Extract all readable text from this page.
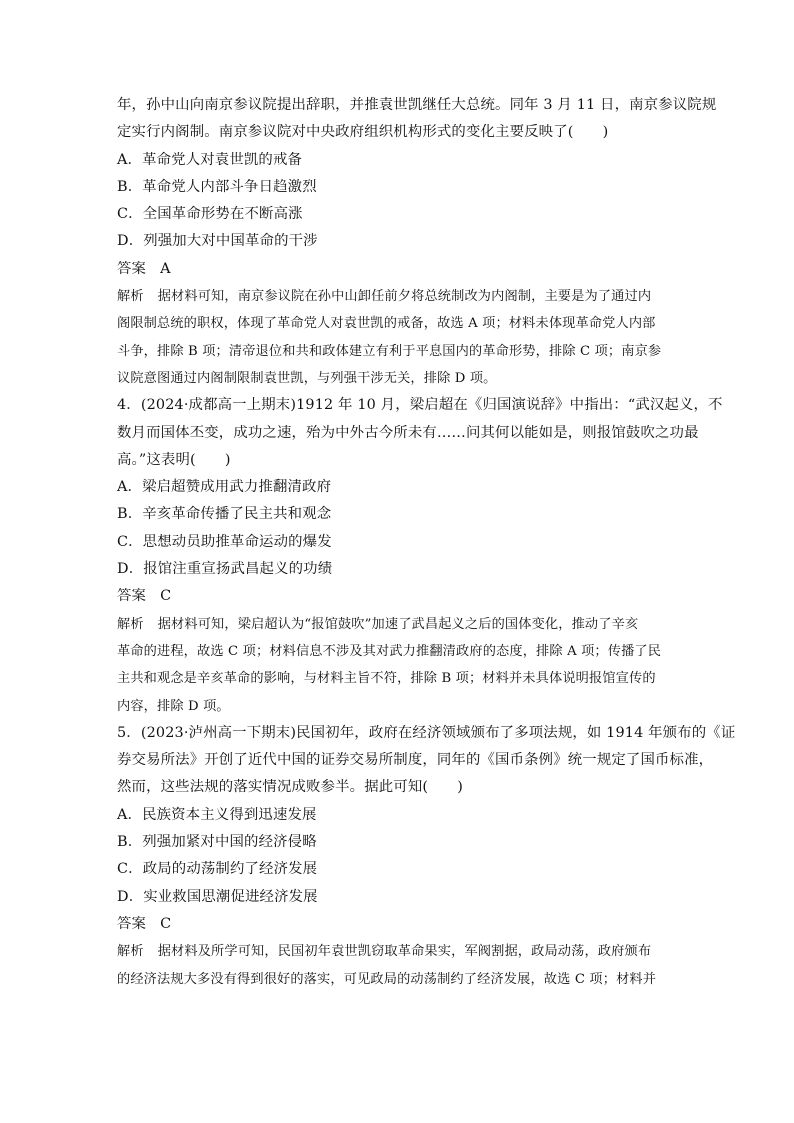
年，孙中山向南京参议院提出辞职，并推袁世凯继任大总统。同年 3 月 11 日，南京参议院规
定实行内阁制。南京参议院对中央政府组织机构形式的变化主要反映了(　　)
A．革命党人对袁世凯的戒备
B．革命党人内部斗争日趋激烈
C．全国革命形势在不断高涨
D．列强加大对中国革命的干涉
答案 A
解析 据材料可知，南京参议院在孙中山卸任前夕将总统制改为内阁制，主要是为了通过内
阁限制总统的职权，体现了革命党人对袁世凯的戒备，故选 A 项；材料未体现革命党人内部
斗争，排除 B 项；清帝退位和共和政体建立有利于平息国内的革命形势，排除 C 项；南京参
议院意图通过内阁制限制袁世凯，与列强干涉无关，排除 D 项。
4．(2024·成都高一上期末)1912 年 10 月，梁启超在《归国演说辞》中指出：“武汉起义，不
数月而国体丕变，成功之速，殆为中外古今所未有……问其何以能如是，则报馆鼓吹之功最
高。”这表明(　　)
A．梁启超赞成用武力推翻清政府
B．辛亥革命传播了民主共和观念
C．思想动员助推革命运动的爆发
D．报馆注重宣扬武昌起义的功绩
答案 C
解析 据材料可知，梁启超认为“报馆鼓吹”加速了武昌起义之后的国体变化，推动了辛亥
革命的进程，故选 C 项；材料信息不涉及其对武力推翻清政府的态度，排除 A 项；传播了民
主共和观念是辛亥革命的影响，与材料主旨不符，排除 B 项；材料并未具体说明报馆宣传的
内容，排除 D 项。
5．(2023·泸州高一下期末)民国初年，政府在经济领域颁布了多项法规，如 1914 年颁布的《证
券交易所法》开创了近代中国的证券交易所制度，同年的《国币条例》统一规定了国币标准，
然而，这些法规的落实情况成败参半。据此可知(　　)
A．民族资本主义得到迅速发展
B．列强加紧对中国的经济侵略
C．政局的动荡制约了经济发展
D．实业救国思潮促进经济发展
答案 C
解析 据材料及所学可知，民国初年袁世凯窃取革命果实，军阀割据，政局动荡，政府颁布
的经济法规大多没有得到很好的落实，可见政局的动荡制约了经济发展，故选 C 项；材料并
